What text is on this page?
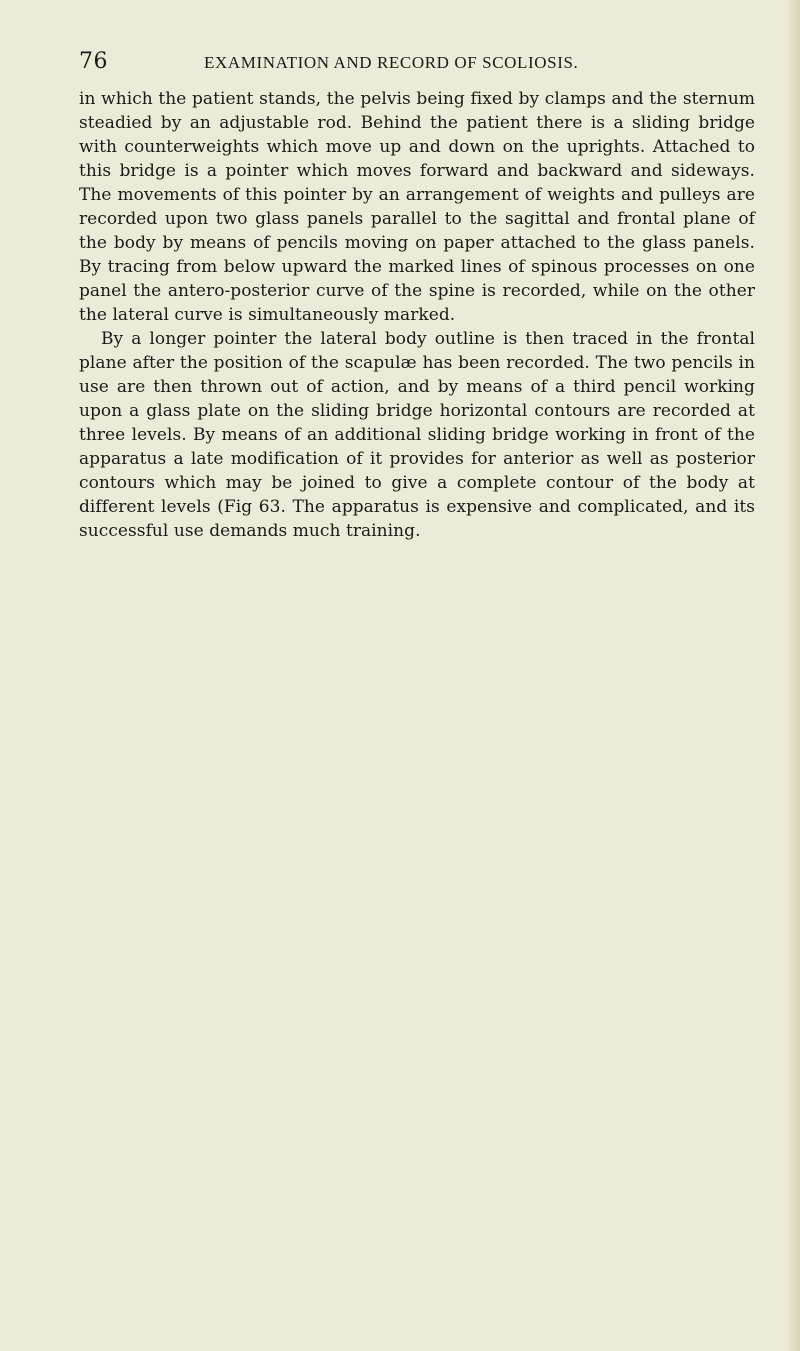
76	EXAMINATION AND RECORD OF SCOLIOSIS.

in which the patient stands, the pelvis being fixed by clamps and the sternum steadied by an adjustable rod. Behind the patient there is a sliding bridge with counterweights which move up and down on the uprights. Attached to this bridge is a pointer which moves forward and backward and sideways. The movements of this pointer by an arrangement of weights and pulleys are recorded upon two glass panels parallel to the sagittal and frontal plane of the body by means of pencils moving on paper attached to the glass panels. By tracing from below upward the marked lines of spinous processes on one panel the antero-posterior curve of the spine is recorded, while on the other the lateral curve is simultaneously marked.

By a longer pointer the lateral body outline is then traced in the frontal plane after the position of the scapulæ has been recorded. The two pencils in use are then thrown out of action, and by means of a third pencil working upon a glass plate on the sliding bridge horizontal contours are recorded at three levels. By means of an additional sliding bridge working in front of the apparatus a late modification of it provides for anterior as well as posterior contours which may be joined to give a complete contour of the body at different levels (Fig 63. The apparatus is expensive and complicated, and its successful use demands much training.
